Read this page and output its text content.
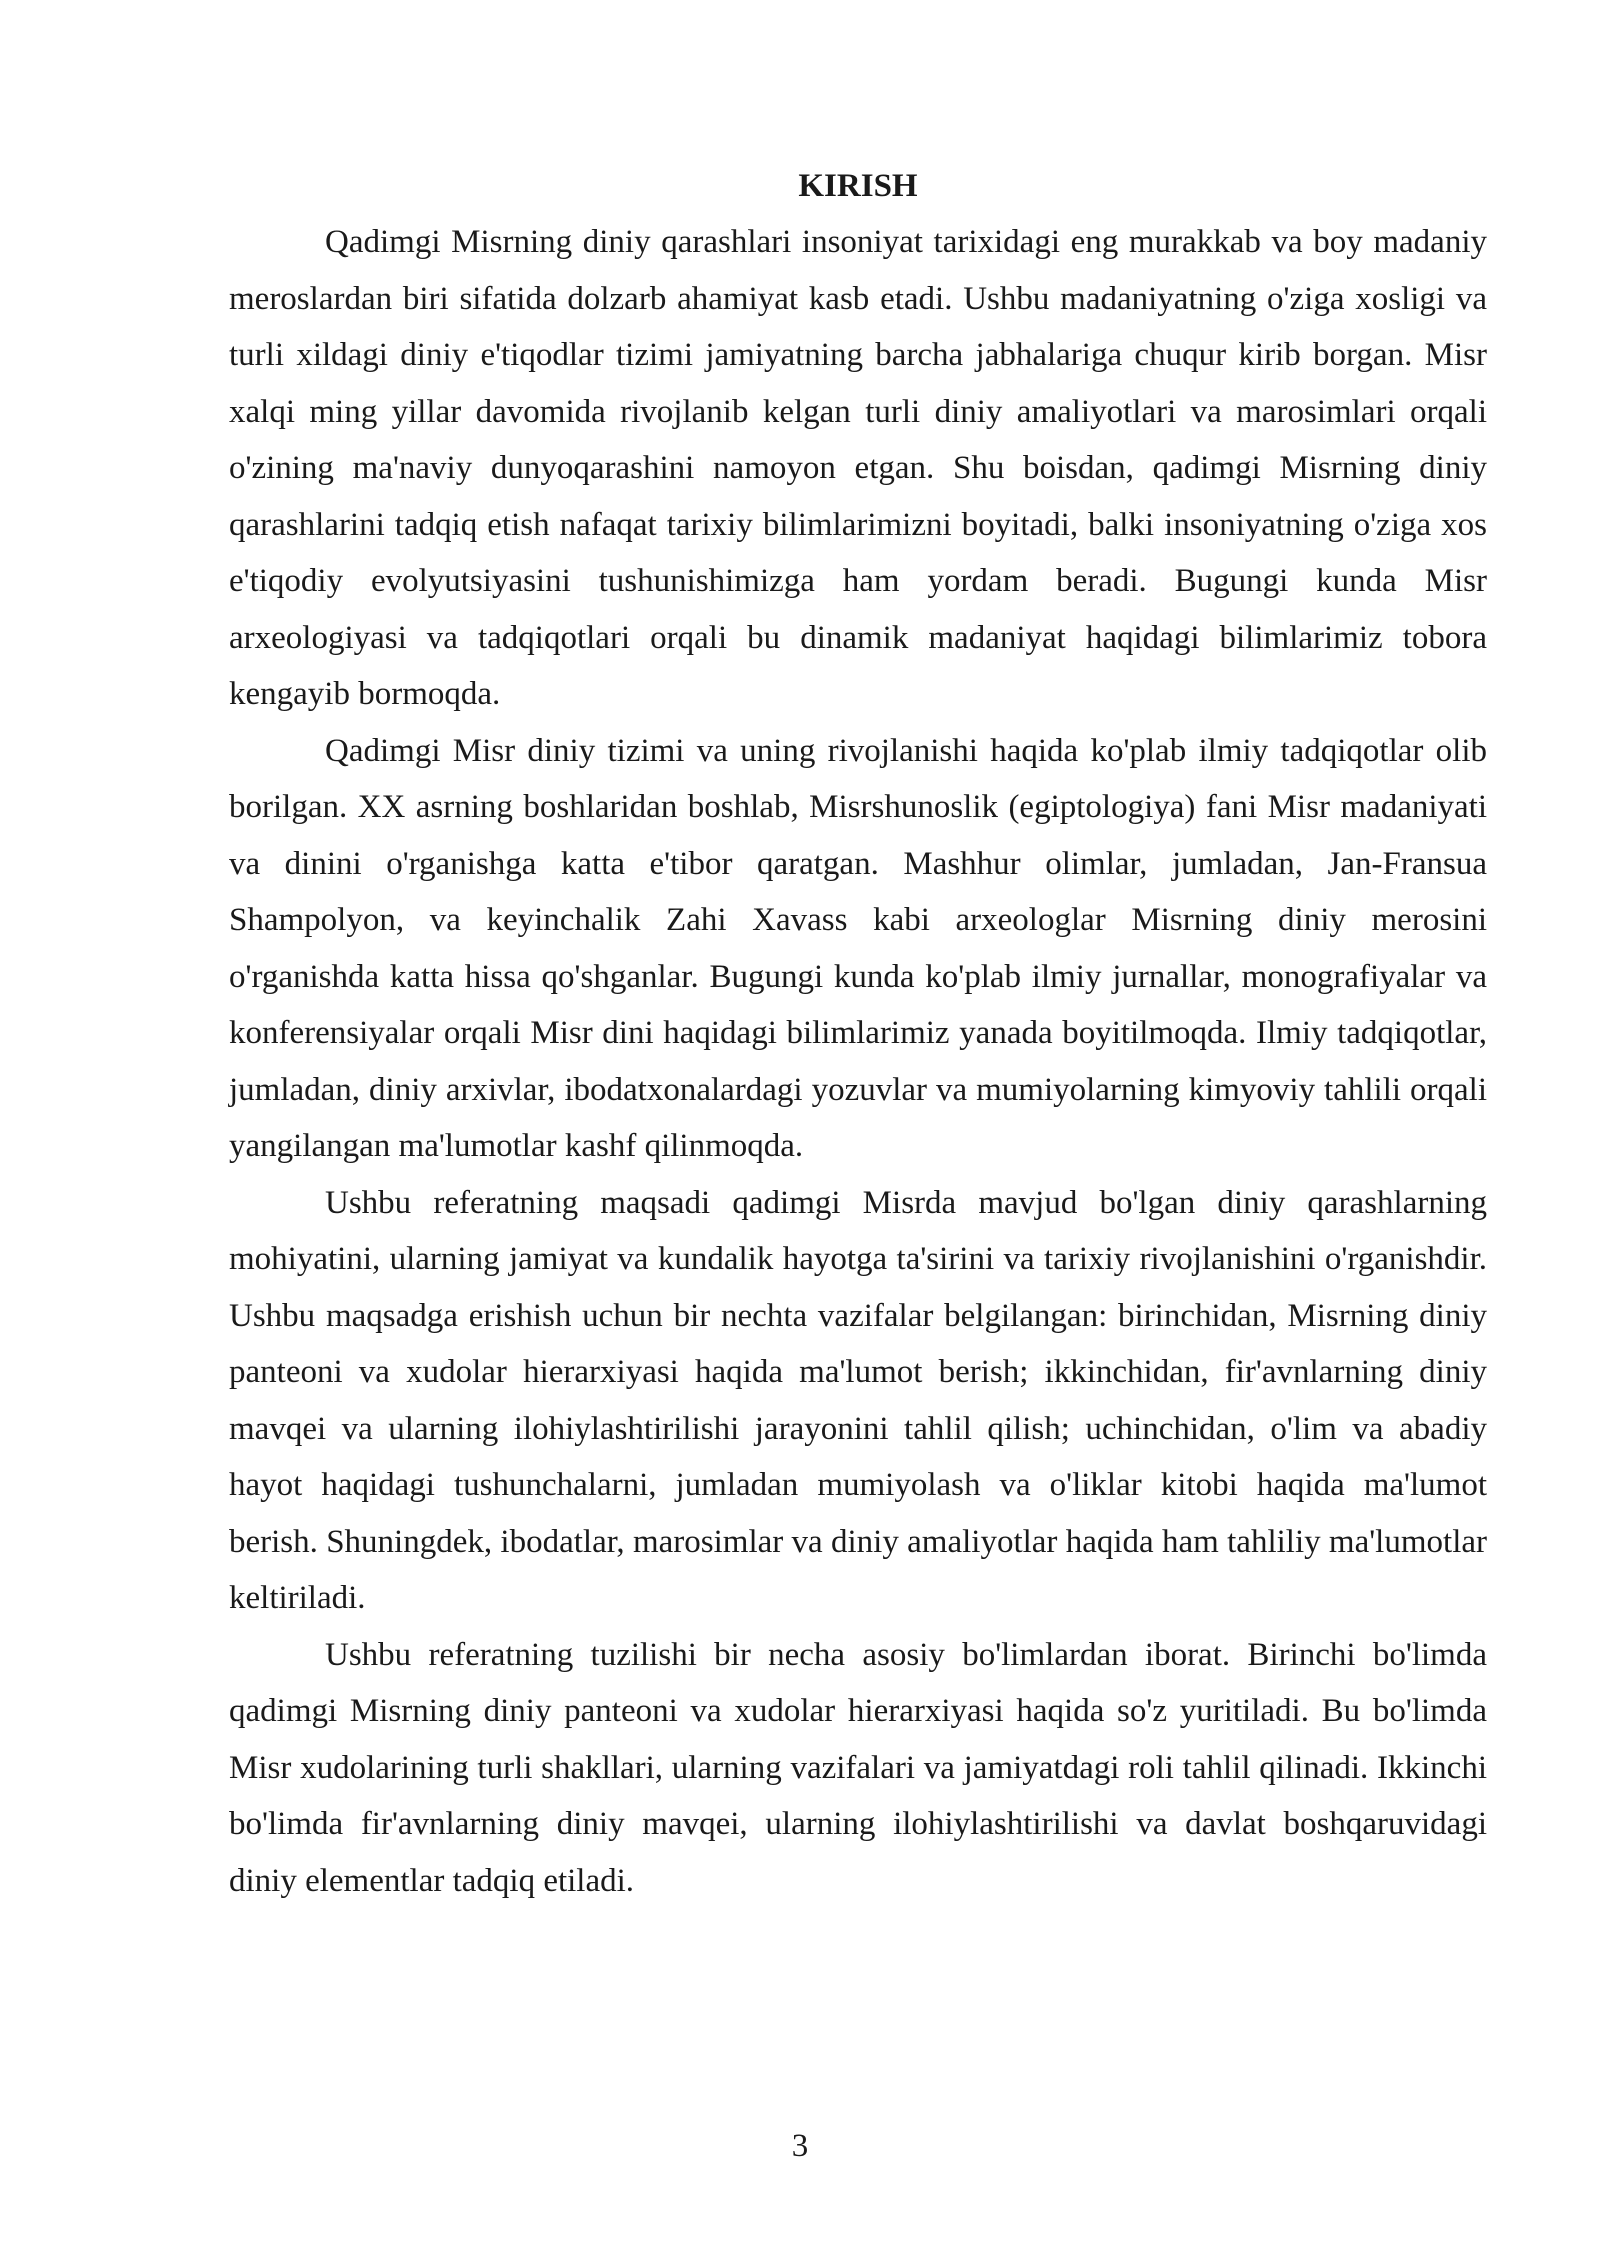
KIRISH

Qadimgi Misrning diniy qarashlari insoniyat tarixidagi eng murakkab va boy madaniy meroslardan biri sifatida dolzarb ahamiyat kasb etadi. Ushbu madaniyatning o'ziga xosligi va turli xildagi diniy e'tiqodlar tizimi jamiyatning barcha jabhalariga chuqur kirib borgan. Misr xalqi ming yillar davomida rivojlanib kelgan turli diniy amaliyotlari va marosimlari orqali o'zining ma'naviy dunyoqarashini namoyon etgan. Shu boisdan, qadimgi Misrning diniy qarashlarini tadqiq etish nafaqat tarixiy bilimlarimizni boyitadi, balki insoniyatning o'ziga xos e'tiqodiy evolyutsiyasini tushunishimizga ham yordam beradi. Bugungi kunda Misr arxeologiyasi va tadqiqotlari orqali bu dinamik madaniyat haqidagi bilimlarimiz tobora kengayib bormoqda.

Qadimgi Misr diniy tizimi va uning rivojlanishi haqida ko'plab ilmiy tadqiqotlar olib borilgan. XX asrning boshlaridan boshlab, Misrshunoslik (egiptologiya) fani Misr madaniyati va dinini o'rganishga katta e'tibor qaratgan. Mashhur olimlar, jumladan, Jan-Fransua Shampolyon, va keyinchalik Zahi Xavass kabi arxeologlar Misrning diniy merosini o'rganishda katta hissa qo'shganlar. Bugungi kunda ko'plab ilmiy jurnallar, monografiyalar va konferensiyalar orqali Misr dini haqidagi bilimlarimiz yanada boyitilmoqda. Ilmiy tadqiqotlar, jumladan, diniy arxivlar, ibodatxonalardagi yozuvlar va mumiyolarning kimyoviy tahlili orqali yangilangan ma'lumotlar kashf qilinmoqda.

Ushbu referatning maqsadi qadimgi Misrda mavjud bo'lgan diniy qarashlarning mohiyatini, ularning jamiyat va kundalik hayotga ta'sirini va tarixiy rivojlanishini o'rganishdir. Ushbu maqsadga erishish uchun bir nechta vazifalar belgilangan: birinchidan, Misrning diniy panteoni va xudolar hierarxiyasi haqida ma'lumot berish; ikkinchidan, fir'avnlarning diniy mavqei va ularning ilohiylashtirilishi jarayonini tahlil qilish; uchinchidan, o'lim va abadiy hayot haqidagi tushunchalarni, jumladan mumiyolash va o'liklar kitobi haqida ma'lumot berish. Shuningdek, ibodatlar, marosimlar va diniy amaliyotlar haqida ham tahliliy ma'lumotlar keltiriladi.

Ushbu referatning tuzilishi bir necha asosiy bo'limlardan iborat. Birinchi bo'limda qadimgi Misrning diniy panteoni va xudolar hierarxiyasi haqida so'z yuritiladi. Bu bo'limda Misr xudolarining turli shakllari, ularning vazifalari va jamiyatdagi roli tahlil qilinadi. Ikkinchi bo'limda fir'avnlarning diniy mavqei, ularning ilohiylashtirilishi va davlat boshqaruvidagi diniy elementlar tadqiq etiladi.

3
